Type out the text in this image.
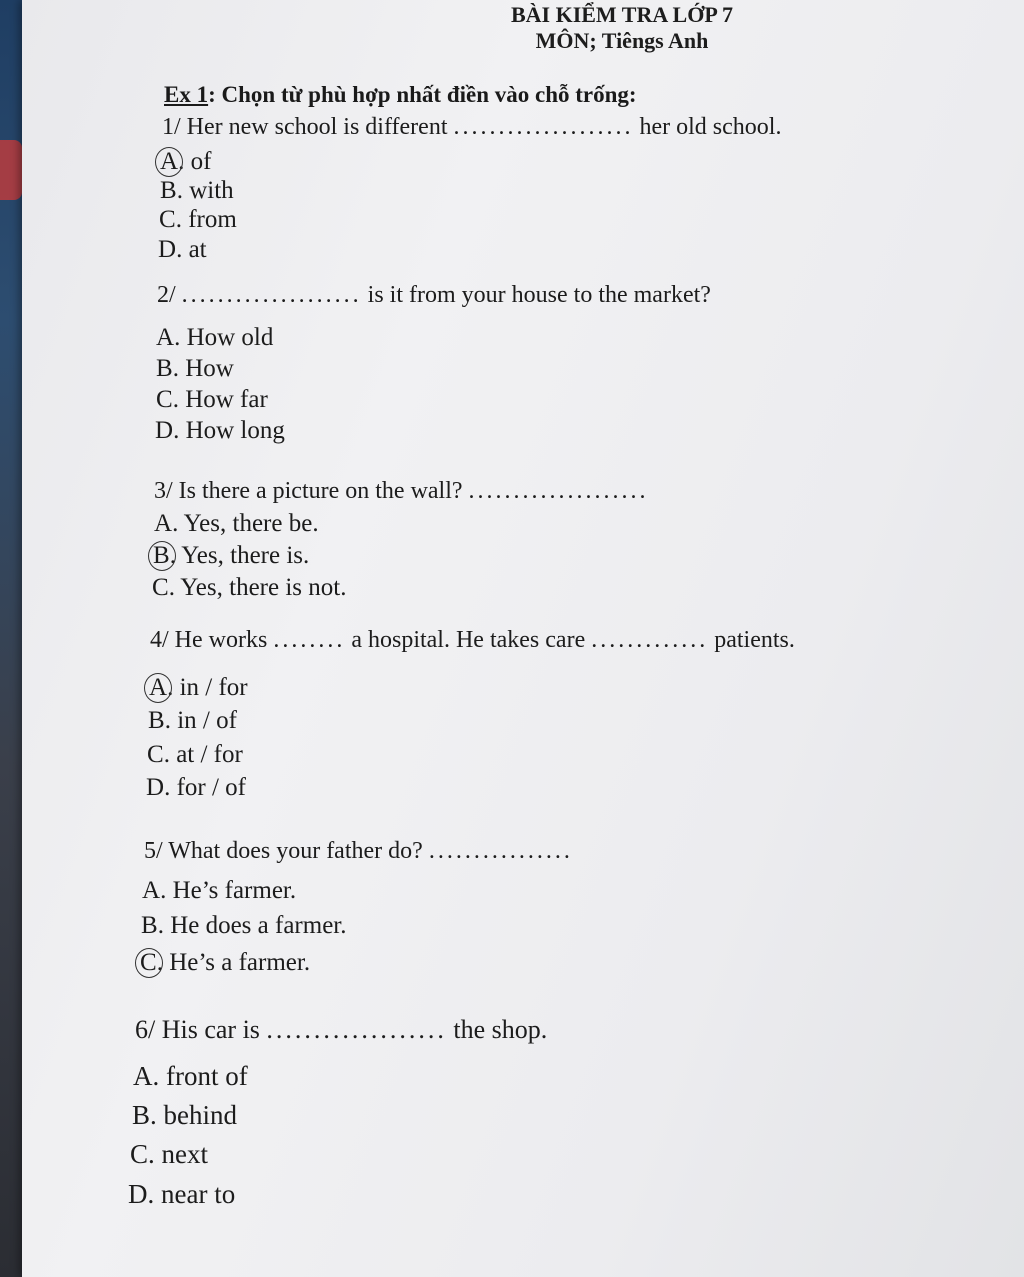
BÀI KIỂM TRA LỚP 7
MÔN; Tiêngs Anh
Ex 1: Chọn từ phù hợp nhất điền vào chỗ trống:
1/ Her new school is different .................... her old school.
A. of
B. with
C. from
D. at
2/ .................... is it from your house to the market?
A. How old
B. How
C. How far
D. How long
3/ Is there a picture on the wall? ....................
A. Yes, there be.
B. Yes, there is.
C. Yes, there is not.
4/ He works ........ a hospital. He takes care ............. patients.
A. in / for
B. in / of
C. at / for
D. for / of
5/ What does your father do? ................
A. He’s farmer.
B. He does a farmer.
C. He’s a farmer.
6/ His car is ................... the shop.
A. front of
B. behind
C. next
D. near to
